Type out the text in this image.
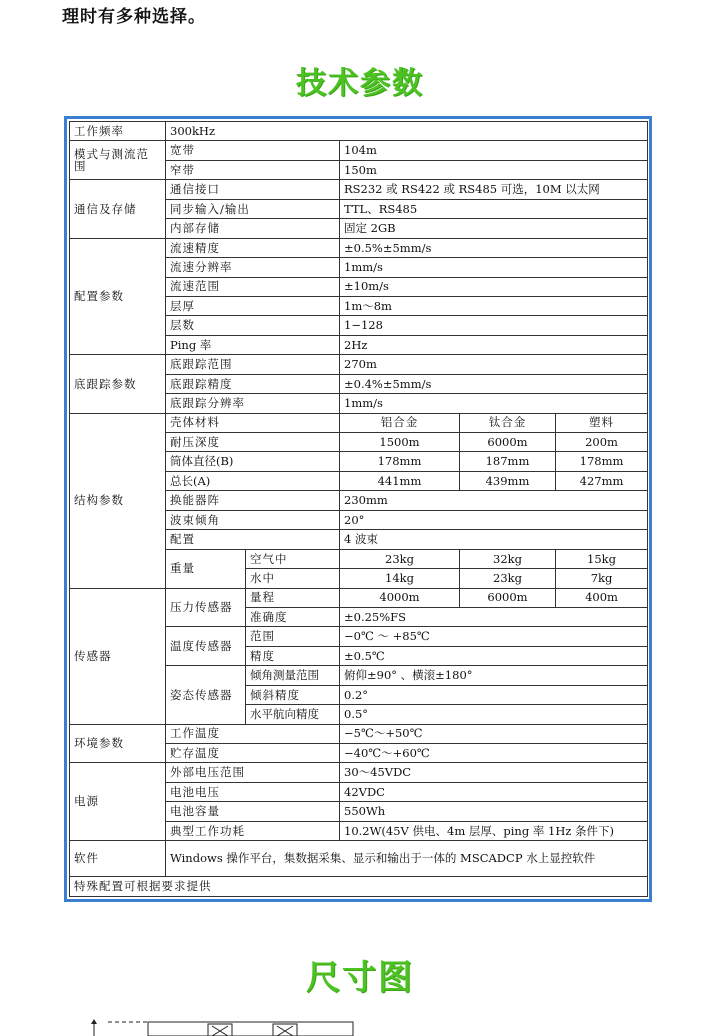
理时有多种选择。
技术参数
工作频率	300kHz				
模式与测流范围	宽带		104m		
	窄带		150m		
通信及存储	通信接口		RS232 或 RS422 或 RS485 可选，10M 以太网		
	同步输入/输出		TTL、RS485		
	内部存储		固定 2GB		
配置参数	流速精度		±0.5%±5mm/s		
	流速分辨率		1mm/s		
	流速范围		±10m/s		
	层厚		1m～8m		
	层数		1−128		
	Ping 率		2Hz		
底跟踪参数	底跟踪范围		270m		
	底跟踪精度		±0.4%±5mm/s		
	底跟踪分辨率		1mm/s		
结构参数	壳体材料		铝合金	钛合金	塑料
	耐压深度		1500m	6000m	200m
	筒体直径(B)		178mm	187mm	178mm
	总长(A)		441mm	439mm	427mm
	换能器阵		230mm		
	波束倾角		20°		
	配置		4 波束		
	重量	空气中	23kg	32kg	15kg
		水中	14kg	23kg	7kg
传感器	压力传感器	量程	4000m	6000m	400m
		准确度	±0.25%FS		
	温度传感器	范围	−0℃ ～ +85℃		
		精度	±0.5℃		
	姿态传感器	倾角测量范围	俯仰±90° 、横滚±180°		
		倾斜精度	0.2°		
		水平航向精度	0.5°		
环境参数	工作温度		−5℃～+50℃		
	贮存温度		−40℃～+60℃		
电源	外部电压范围		30～45VDC		
	电池电压		42VDC		
	电池容量		550Wh		
	典型工作功耗		10.2W(45V 供电、4m 层厚、ping 率 1Hz 条件下)		
软件	Windows 操作平台，集数据采集、显示和输出于一体的 MSCADCP 水上显控软件				
特殊配置可根据要求提供					
尺寸图
